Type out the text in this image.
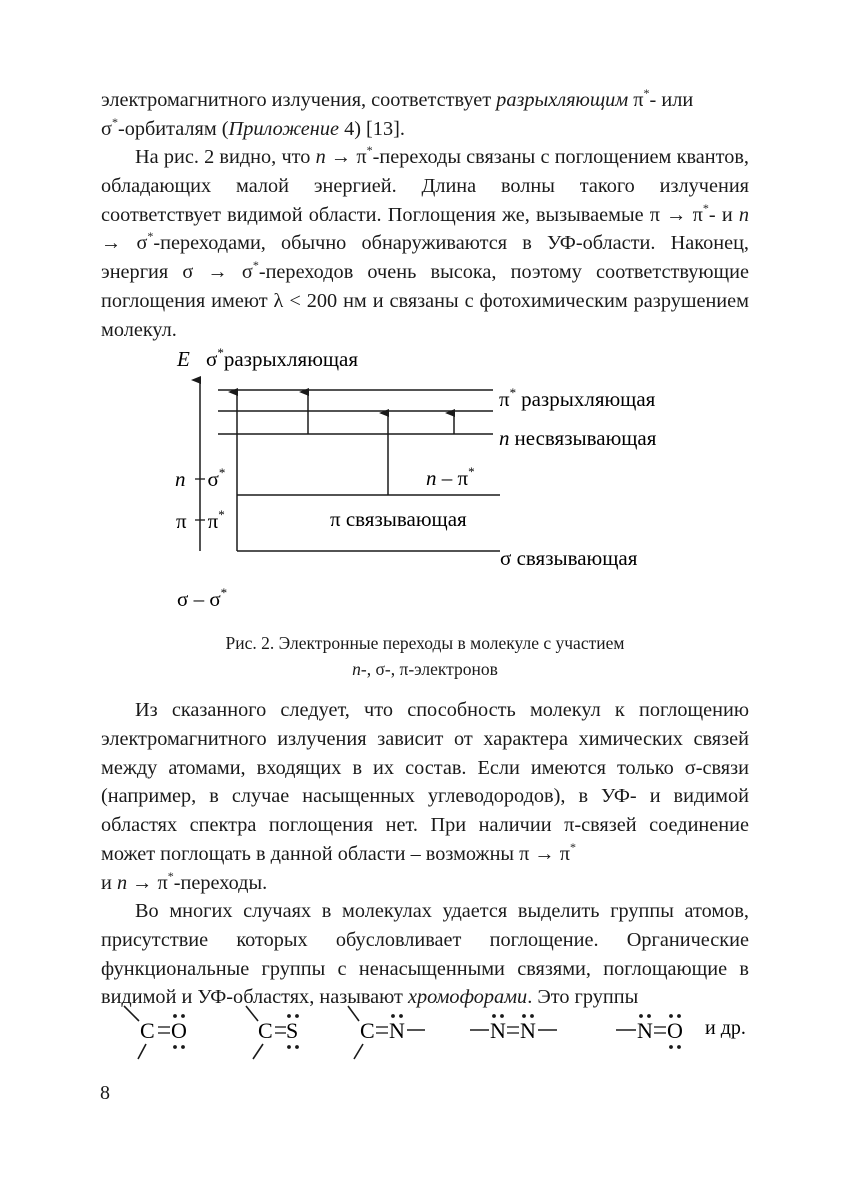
электромагнитного излучения, соответствует разрыхляющим π*- или
σ*-орбиталям (Приложение 4) [13].

На рис. 2 видно, что n → π*-переходы связаны с поглощением квантов, обладающих малой энергией. Длина волны такого излучения соответствует видимой области. Поглощения же, вызываемые π → π*- и n → σ*-переходами, обычно обнаруживаются в УФ-области. Наконец, энергия σ → σ*-переходов очень высока, поэтому соответствующие поглощения имеют λ < 200 нм и связаны с фотохимическим разрушением молекул.

E σ*разрыхляющая
π* разрыхляющая
n несвязывающая
n – π*
π связывающая
σ связывающая
n σ*
π π*
σ – σ*

Рис. 2. Электронные переходы в молекуле с участием
n-, σ-, π-электронов

Из сказанного следует, что способность молекул к поглощению электромагнитного излучения зависит от характера химических связей между атомами, входящих в их состав. Если имеются только σ-связи (например, в случае насыщенных углеводородов), в УФ- и видимой областях спектра поглощения нет. При наличии π-связей соединение может поглощать в данной области – возможны π → π*
и n → π*-переходы.

Во многих случаях в молекулах удается выделить группы атомов, присутствие которых обусловливает поглощение. Органические функциональные группы с ненасыщенными связями, поглощающие в видимой и УФ-областях, называют хромофорами. Это группы

C O	C S	C N	N N	N O и др.
8
